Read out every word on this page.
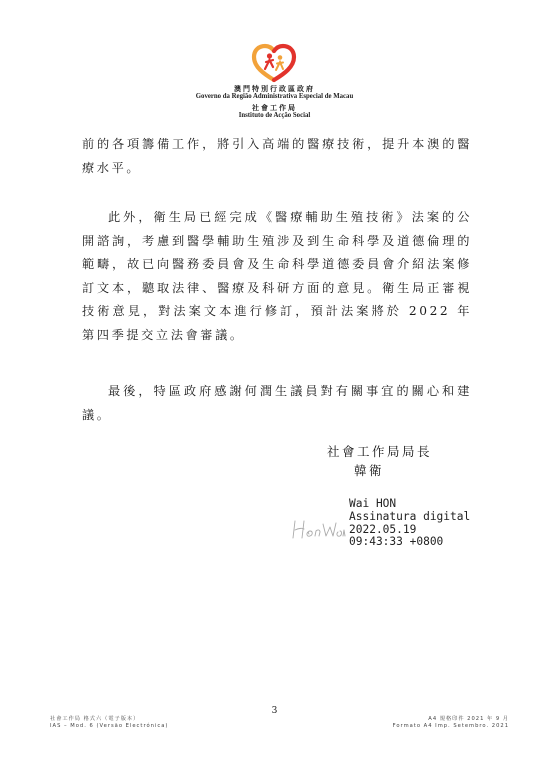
澳門特別行政區政府
Governo da Região Administrativa Especial de Macau
社會工作局
Instituto de Acção Social

前的各項籌備工作，將引入高端的醫療技術，提升本澳的醫療水平。

此外，衛生局已經完成《醫療輔助生殖技術》法案的公開諮詢，考慮到醫學輔助生殖涉及到生命科學及道德倫理的範疇，故已向醫務委員會及生命科學道德委員會介紹法案修訂文本，聽取法律、醫療及科研方面的意見。衛生局正審視技術意見，對法案文本進行修訂，預計法案將於 2022 年第四季提交立法會審議。

最後，特區政府感謝何潤生議員對有關事宜的關心和建議。

社會工作局局長
韓衛
Wai HON
Assinatura digital
2022.05.19
09:43:33 +0800
3
社會工作局 格式六（電子版本）
IAS – Mod. 6 (Versão Electrónica)
A4 規格印件 2021 年 9 月
Formato A4 Imp. Setembro. 2021
